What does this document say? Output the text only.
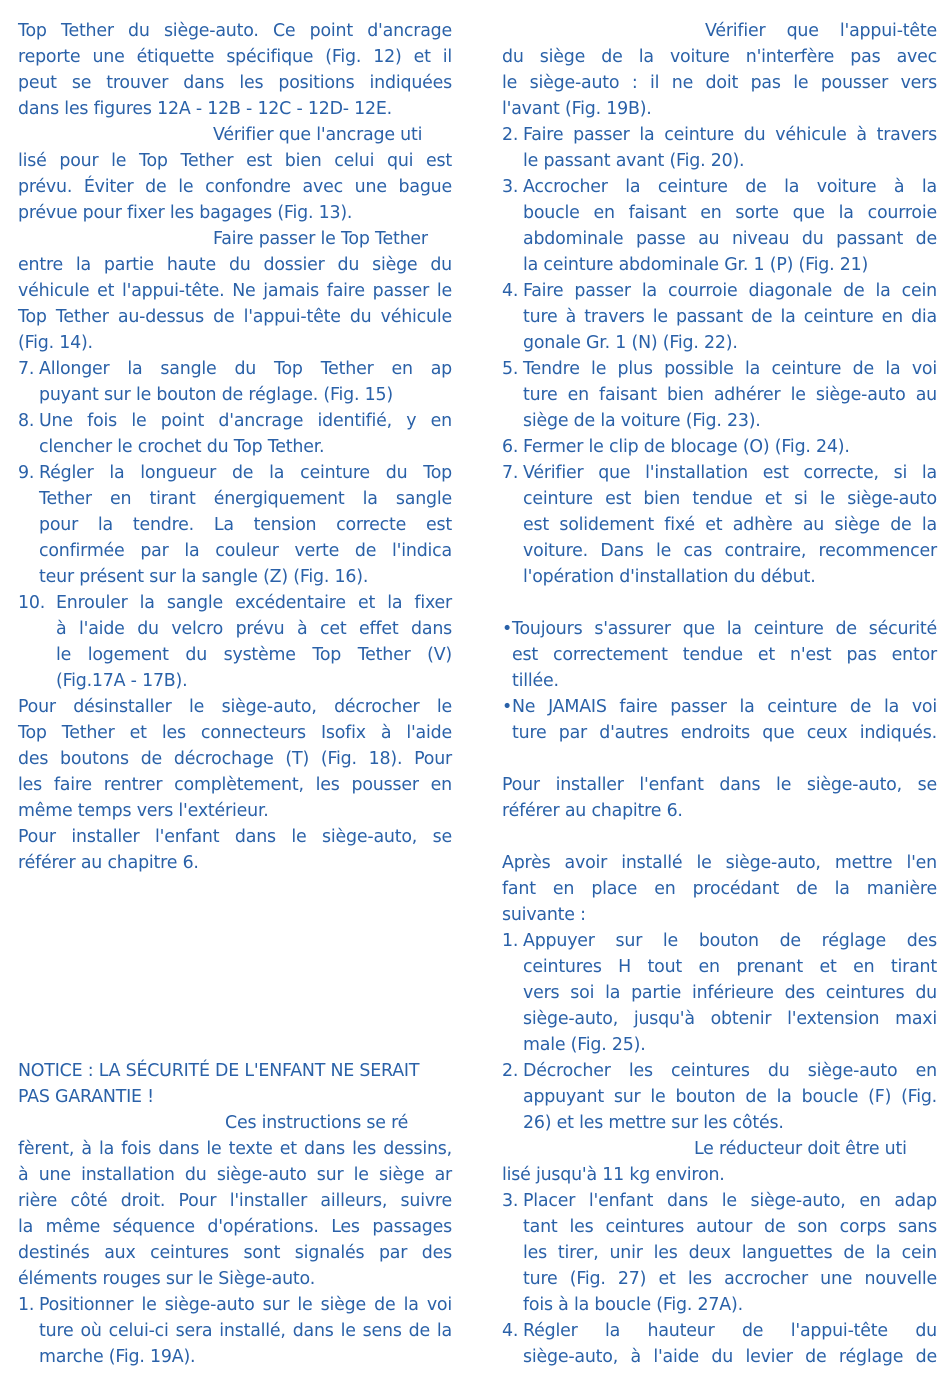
Top Tether du siège-auto. Ce point d'ancrage
reporte une étiquette spécifique (Fig. 12) et il
peut se trouver dans les positions indiquées
dans les figures 12A - 12B - 12C - 12D- 12E.
Vérifier que l'ancrage uti
lisé pour le Top Tether est bien celui qui est
prévu. Éviter de le confondre avec une bague
prévue pour fixer les bagages (Fig. 13).
Faire passer le Top Tether
entre la partie haute du dossier du siège du
véhicule et l'appui-tête. Ne jamais faire passer le
Top Tether au-dessus de l'appui-tête du véhicule
(Fig. 14).
7. Allonger la sangle du Top Tether en ap
puyant sur le bouton de réglage. (Fig. 15)
8. Une fois le point d'ancrage identifié, y en
clencher le crochet du Top Tether.
9. Régler la longueur de la ceinture du Top
Tether en tirant énergiquement la sangle
pour la tendre. La tension correcte est
confirmée par la couleur verte de l'indica
teur présent sur la sangle (Z) (Fig. 16).
10. Enrouler la sangle excédentaire et la fixer
à l'aide du velcro prévu à cet effet dans
le logement du système Top Tether (V)
(Fig.17A - 17B).
Pour désinstaller le siège-auto, décrocher le
Top Tether et les connecteurs Isofix à l'aide
des boutons de décrochage (T) (Fig. 18). Pour
les faire rentrer complètement, les pousser en
même temps vers l'extérieur.
Pour installer l'enfant dans le siège-auto, se
référer au chapitre 6.
NOTICE : LA SÉCURITÉ DE L'ENFANT NE SERAIT
PAS GARANTIE !
Ces instructions se ré
fèrent, à la fois dans le texte et dans les dessins,
à une installation du siège-auto sur le siège ar
rière côté droit. Pour l'installer ailleurs, suivre
la même séquence d'opérations. Les passages
destinés aux ceintures sont signalés par des
éléments rouges sur le Siège-auto.
1. Positionner le siège-auto sur le siège de la voi
ture où celui-ci sera installé, dans le sens de la
marche (Fig. 19A).
Vérifier que l'appui-tête
du siège de la voiture n'interfère pas avec
le siège-auto : il ne doit pas le pousser vers
l'avant (Fig. 19B).
2. Faire passer la ceinture du véhicule à travers
le passant avant (Fig. 20).
3. Accrocher la ceinture de la voiture à la
boucle en faisant en sorte que la courroie
abdominale passe au niveau du passant de
la ceinture abdominale Gr. 1 (P) (Fig. 21)
4. Faire passer la courroie diagonale de la cein
ture à travers le passant de la ceinture en dia
gonale Gr. 1 (N) (Fig. 22).
5. Tendre le plus possible la ceinture de la voi
ture en faisant bien adhérer le siège-auto au
siège de la voiture (Fig. 23).
6. Fermer le clip de blocage (O) (Fig. 24).
7. Vérifier que l'installation est correcte, si la
ceinture est bien tendue et si le siège-auto
est solidement fixé et adhère au siège de la
voiture. Dans le cas contraire, recommencer
l'opération d'installation du début.
• Toujours s'assurer que la ceinture de sécurité
est correctement tendue et n'est pas entor
tillée.
• Ne JAMAIS faire passer la ceinture de la voi
ture par d'autres endroits que ceux indiqués.
Pour installer l'enfant dans le siège-auto, se
référer au chapitre 6.
Après avoir installé le siège-auto, mettre l'en
fant en place en procédant de la manière
suivante :
1. Appuyer sur le bouton de réglage des
ceintures H tout en prenant et en tirant
vers soi la partie inférieure des ceintures du
siège-auto, jusqu'à obtenir l'extension maxi
male (Fig. 25).
2. Décrocher les ceintures du siège-auto en
appuyant sur le bouton de la boucle (F) (Fig.
26) et les mettre sur les côtés.
Le réducteur doit être uti
lisé jusqu'à 11 kg environ.
3. Placer l'enfant dans le siège-auto, en adap
tant les ceintures autour de son corps sans
les tirer, unir les deux languettes de la cein
ture (Fig. 27) et les accrocher une nouvelle
fois à la boucle (Fig. 27A).
4. Régler la hauteur de l'appui-tête du
siège-auto, à l'aide du levier de réglage de
